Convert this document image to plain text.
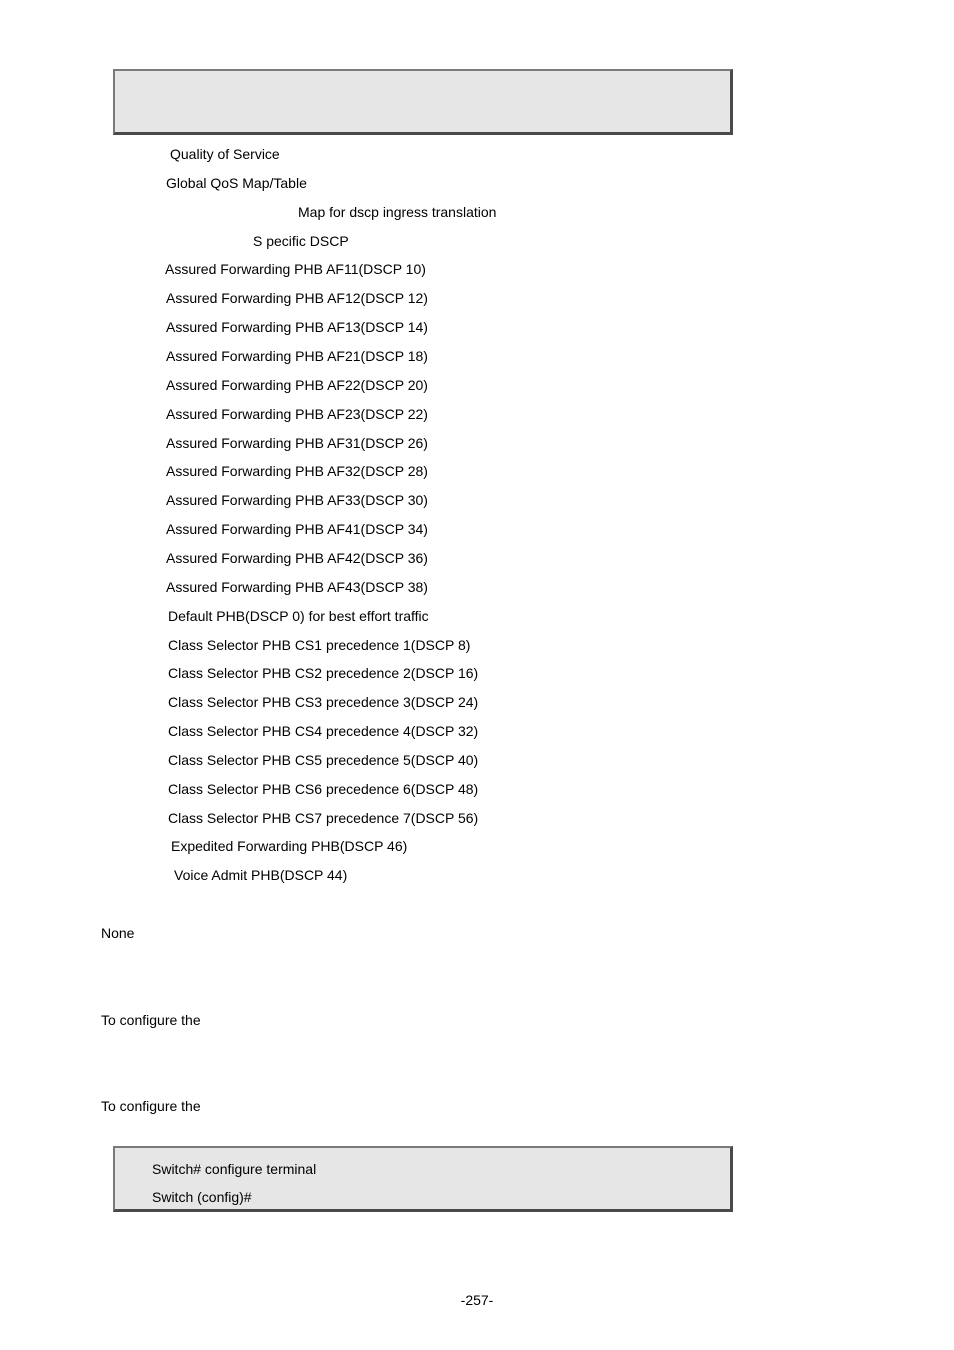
Quality of Service
Global QoS Map/Table
Map for dscp ingress translation
S pecific DSCP
Assured Forwarding PHB AF11(DSCP 10)
Assured Forwarding PHB AF12(DSCP 12)
Assured Forwarding PHB AF13(DSCP 14)
Assured Forwarding PHB AF21(DSCP 18)
Assured Forwarding PHB AF22(DSCP 20)
Assured Forwarding PHB AF23(DSCP 22)
Assured Forwarding PHB AF31(DSCP 26)
Assured Forwarding PHB AF32(DSCP 28)
Assured Forwarding PHB AF33(DSCP 30)
Assured Forwarding PHB AF41(DSCP 34)
Assured Forwarding PHB AF42(DSCP 36)
Assured Forwarding PHB AF43(DSCP 38)
Default PHB(DSCP 0) for best effort traffic
Class Selector PHB CS1 precedence 1(DSCP 8)
Class Selector PHB CS2 precedence 2(DSCP 16)
Class Selector PHB CS3 precedence 3(DSCP 24)
Class Selector PHB CS4 precedence 4(DSCP 32)
Class Selector PHB CS5 precedence 5(DSCP 40)
Class Selector PHB CS6 precedence 6(DSCP 48)
Class Selector PHB CS7 precedence 7(DSCP 56)
Expedited Forwarding PHB(DSCP 46)
Voice Admit PHB(DSCP 44)
None
To configure the
To configure the
Switch# configure terminal
Switch (config)#
-257-
